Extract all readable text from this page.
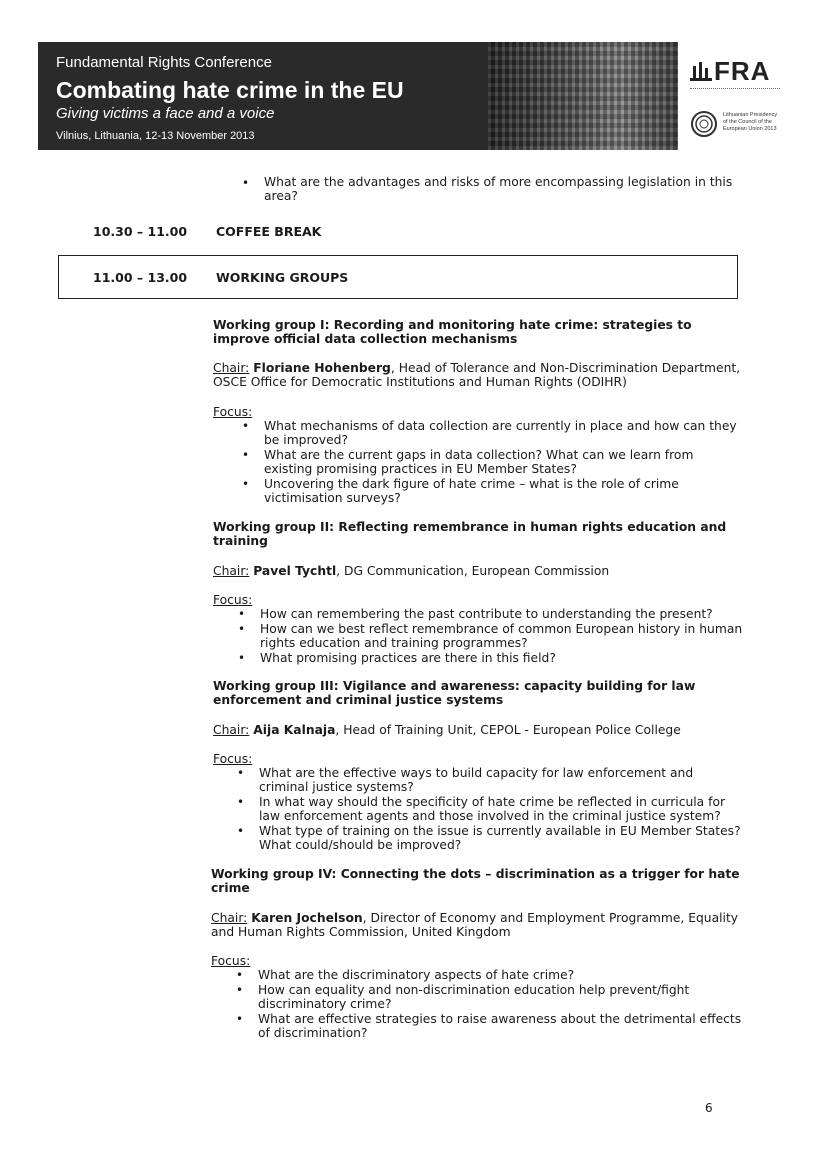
Fundamental Rights Conference
Combating hate crime in the EU
Giving victims a face and a voice
Vilnius, Lithuania, 12-13 November 2013
FRA
Lithuanian Presidency of the Council of the European Union 2013
• What are the advantages and risks of more encompassing legislation in this
area?
10.30 – 11.00 COFFEE BREAK
11.00 – 13.00 WORKING GROUPS
Working group I: Recording and monitoring hate crime: strategies to
improve official data collection mechanisms
Chair: Floriane Hohenberg, Head of Tolerance and Non-Discrimination Department,
OSCE Office for Democratic Institutions and Human Rights (ODIHR)
Focus:
• What mechanisms of data collection are currently in place and how can they
be improved?
• What are the current gaps in data collection? What can we learn from
existing promising practices in EU Member States?
• Uncovering the dark figure of hate crime – what is the role of crime
victimisation surveys?
Working group II: Reflecting remembrance in human rights education and
training
Chair: Pavel Tychtl, DG Communication, European Commission
Focus:
• How can remembering the past contribute to understanding the present?
• How can we best reflect remembrance of common European history in human
rights education and training programmes?
• What promising practices are there in this field?
Working group III: Vigilance and awareness: capacity building for law
enforcement and criminal justice systems
Chair: Aija Kalnaja, Head of Training Unit, CEPOL - European Police College
Focus:
• What are the effective ways to build capacity for law enforcement and
criminal justice systems?
• In what way should the specificity of hate crime be reflected in curricula for
law enforcement agents and those involved in the criminal justice system?
• What type of training on the issue is currently available in EU Member States?
What could/should be improved?
Working group IV: Connecting the dots – discrimination as a trigger for hate
crime
Chair: Karen Jochelson, Director of Economy and Employment Programme, Equality
and Human Rights Commission, United Kingdom
Focus:
• What are the discriminatory aspects of hate crime?
• How can equality and non-discrimination education help prevent/fight
discriminatory crime?
• What are effective strategies to raise awareness about the detrimental effects
of discrimination?
6
